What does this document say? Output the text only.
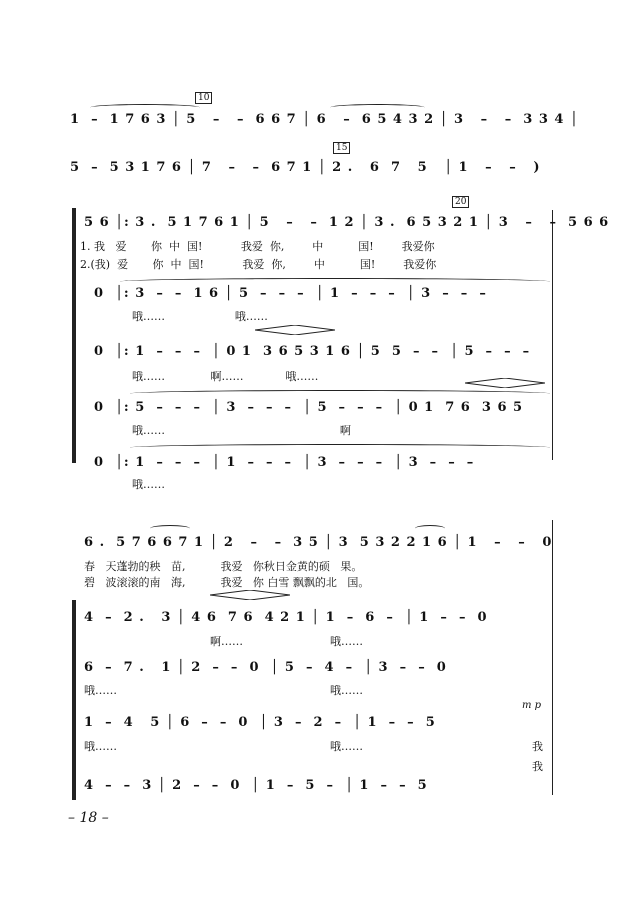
10
1  –  1 7 6 3 │ 5   –   –  6 6 7 │ 6   –  6 5 4 3 2 │ 3   –   –  3 3 4 │
15
5  –  5 3 1 7 6 │ 7   –   –  6 7 1 │ 2 .   6  7   5   │ 1   –   –   )
20
5 6 │: 3 .  5 1 7 6 1 │ 5   –   –  1 2 │ 3 .  6 5 3 2 1 │ 3   –   –  5 6 6
1. 我   爱       你  中  国!           我爱  你,        中          国!        我爱你
2.(我)  爱       你  中  国!           我爱  你,        中          国!        我爱你
0  │: 3  –  –  1 6 │ 5  –  –  –  │ 1  –  –  –  │ 3  –  –  –
哦……                    哦……
0  │: 1  –  –  –  │ 0 1  3 6 5 3 1 6 │ 5  5  –  –  │ 5  –  –  –
哦……             啊……            哦……
0  │: 5  –  –  –  │ 3  –  –  –  │ 5  –  –  –  │ 0 1  7 6  3 6 5
哦……                                                  啊
0  │: 1  –  –  –  │ 1  –  –  –  │ 3  –  –  –  │ 3  –  –  –
哦……
6 .  5 7 6 6 7 1 │ 2   –   –  3 5 │ 3  5 3 2 2 1 6 │ 1   –   –   0
春   天蓬勃的秧   苗,          我爱   你秋日金黄的硕   果。
碧   波滚滚的南   海,          我爱   你 白雪 飘飘的北   国。
4  –  2 .   3 │ 4 6  7 6  4 2 1 │ 1  –  6  –  │ 1  –  –  0
啊……	哦……
6  –  7 .   1 │ 2  –  –  0  │ 5  –  4  –  │ 3  –  –  0
哦……	哦……
m p
1  –  4   5 │ 6  –  –  0  │ 3  –  2  –  │ 1  –  –  5
哦……	哦……	我
我
4  –  –  3 │ 2  –  –  0  │ 1  –  5  –  │ 1  –  –  5
– 18 –
